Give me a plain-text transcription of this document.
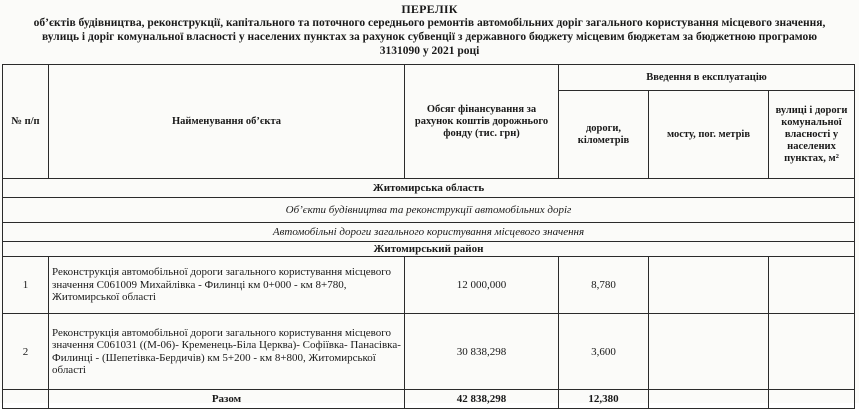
ПЕРЕЛІК
об’єктів будівництва, реконструкції, капітального та поточного середнього ремонтів автомобільних доріг загального користування місцевого значення,
вулиць і доріг комунальної власності у населених пунктах за рахунок субвенції з державного бюджету місцевим бюджетам за бюджетною програмою
3131090 у 2021 році
№ п/п	Найменування об’єкта	Обсяг фінансування за рахунок коштів дорожнього фонду (тис. грн)	Введення в експлуатацію		
			дороги, кілометрів	мосту, пог. метрів	вулиці і дороги комунальної власності у населених пунктах, м²
Житомирська область					
Об’єкти будівництва та реконструкції автомобільних доріг					
Автомобільні дороги загального користування місцевого значення					
Житомирський район					
1	Реконструкція автомобільної дороги загального користування місцевого значення С061009 Михайлівка - Филинці км 0+000 - км 8+780, Житомирської області	12 000,000	8,780		
2	Реконструкція автомобільної дороги загального користування місцевого значення С061031 ((М-06)- Кременець-Біла Церква)- Софіївка- Панасівка- Филинці - (Шепетівка-Бердичів) км 5+200 - км 8+800, Житомирської області	30 838,298	3,600		
	Разом	42 838,298	12,380		
